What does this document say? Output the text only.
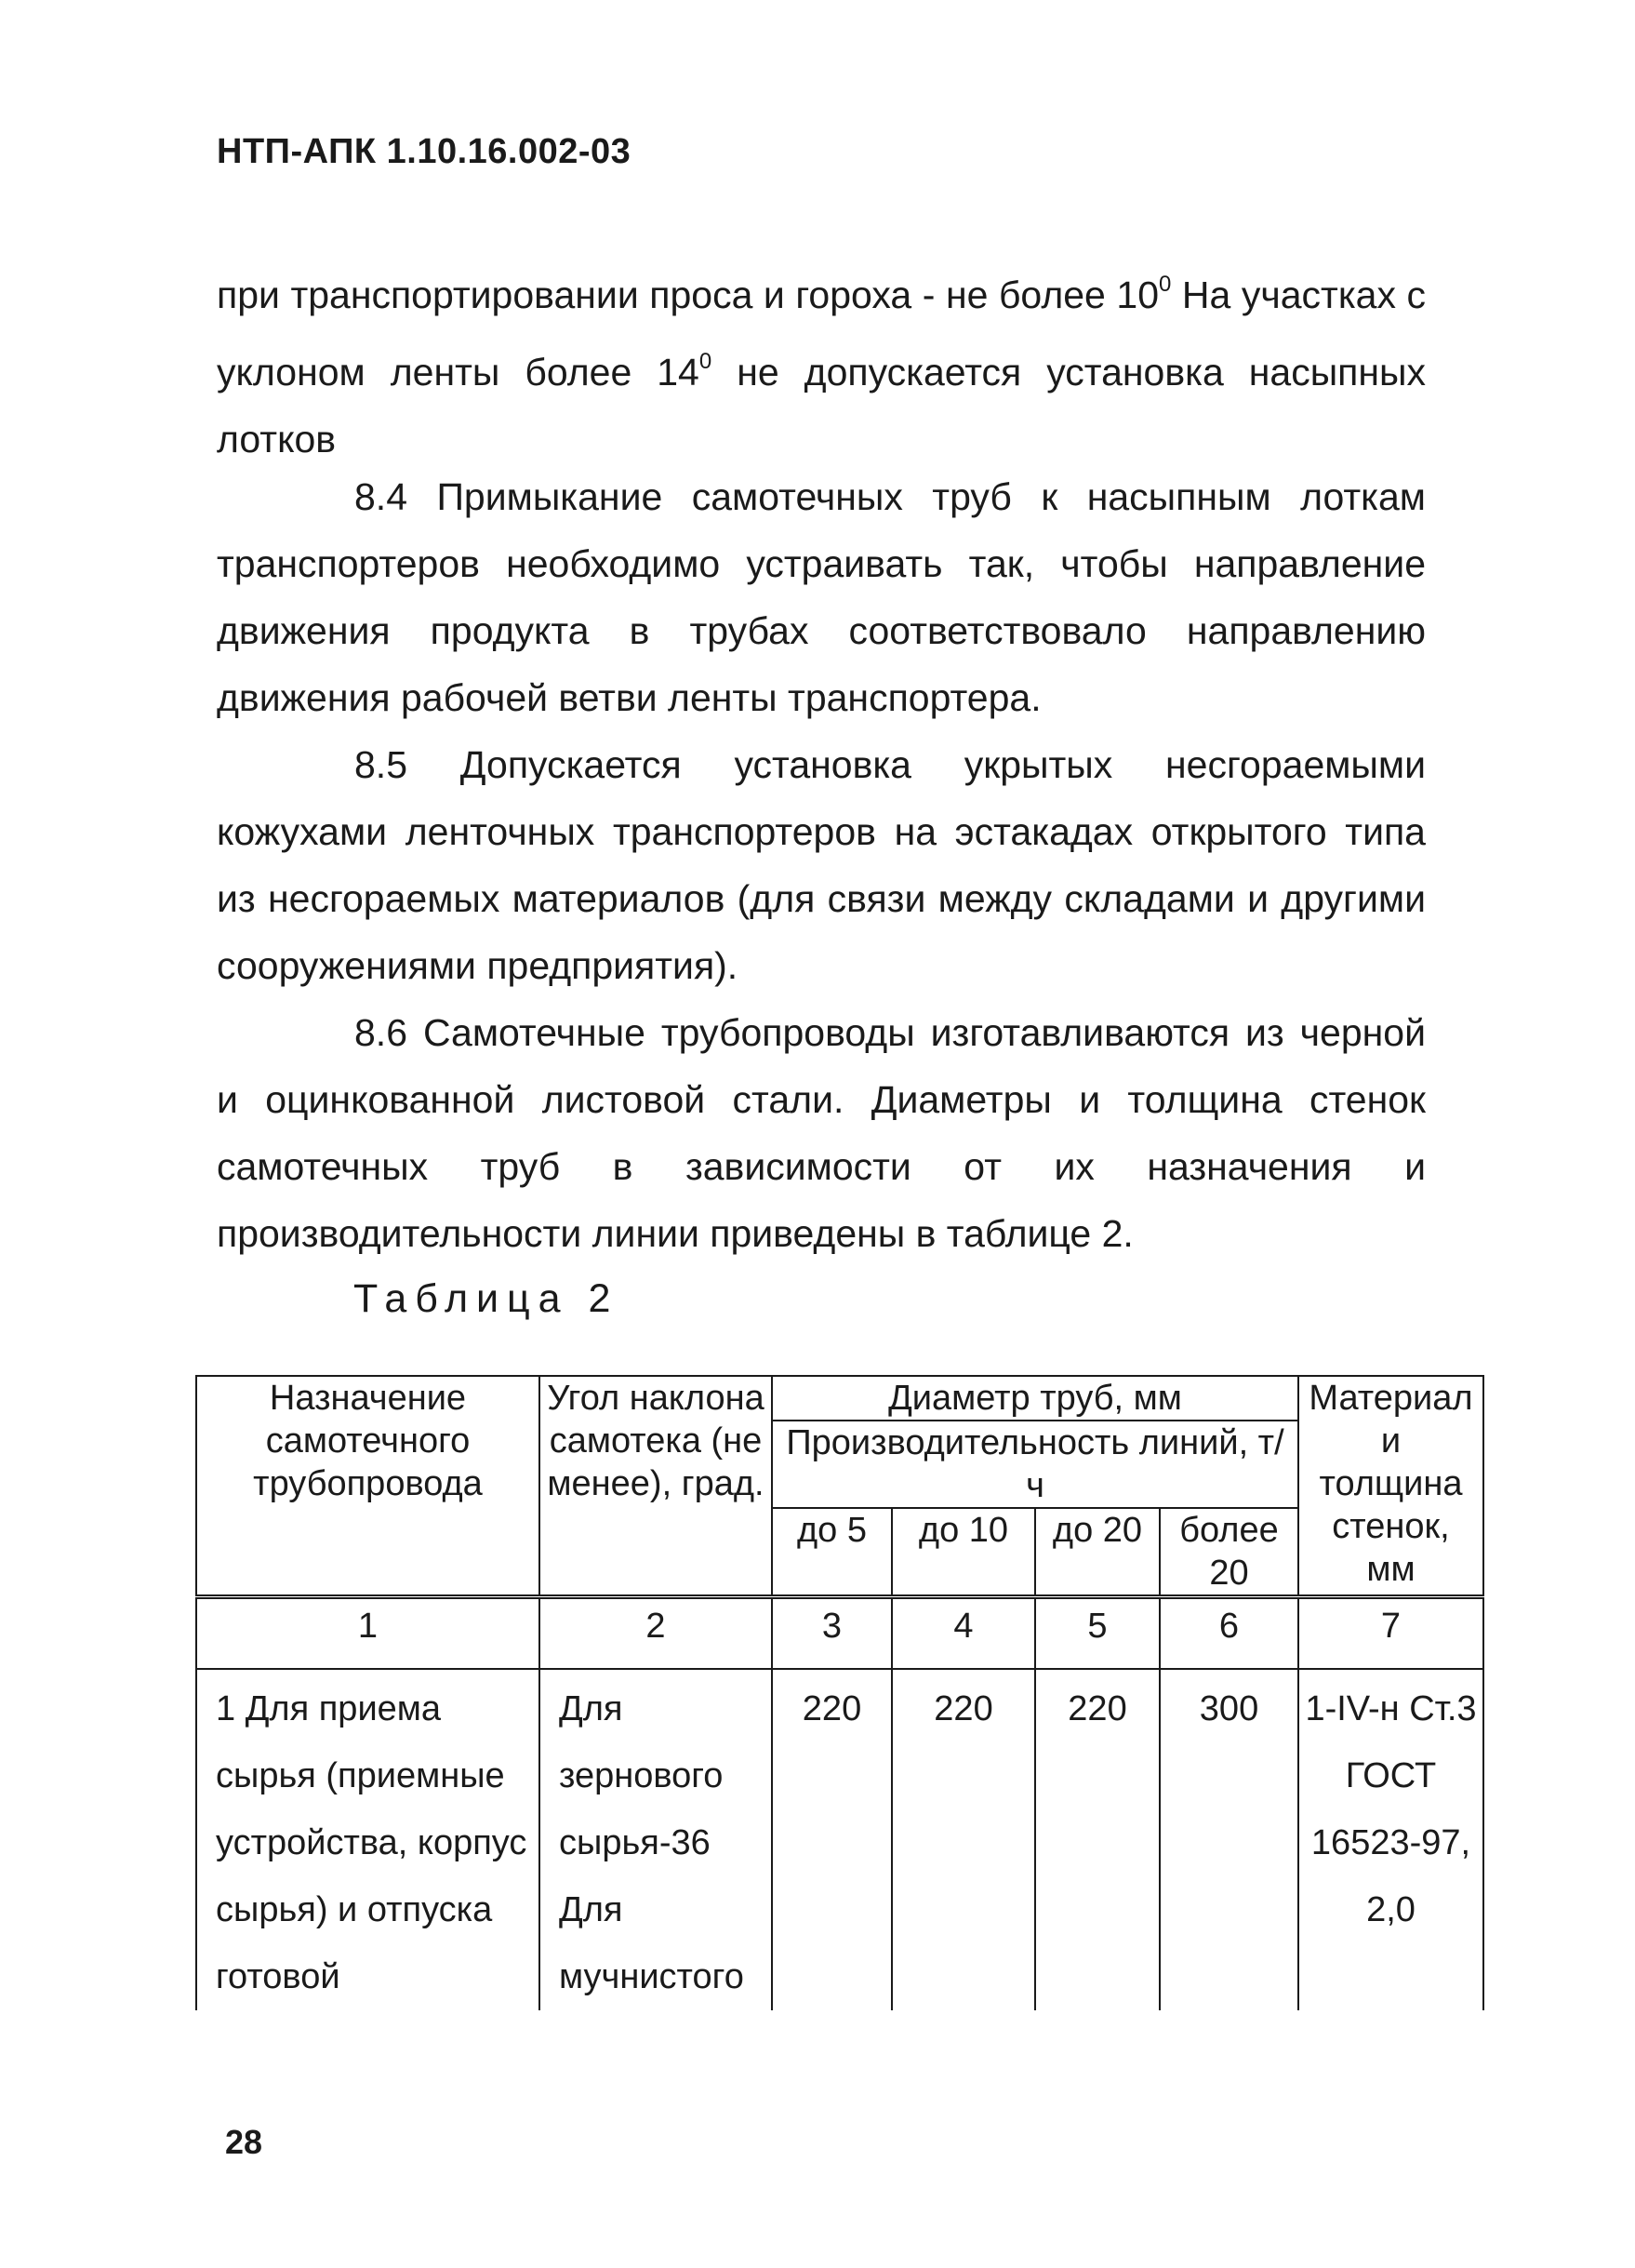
НТП-АПК 1.10.16.002-03
при транспортировании проса и гороха - не более $10^0$ На участках с уклоном ленты более $14^0$ не допускается установка насыпных лотков
8.4 Примыкание самотечных труб к насыпным лоткам транспортеров необходимо устраивать так, чтобы направление движения продукта в трубах соответствовало направлению движения рабочей ветви ленты транспортера.
8.5 Допускается установка укрытых несгораемыми кожухами ленточных транспортеров на эстакадах открытого типа из несгораемых материалов (для связи между складами и другими сооружениями предприятия).
8.6 Самотечные трубопроводы изготавливаются из черной и оцинкованной листовой стали. Диаметры и толщина стенок самотечных труб в зависимости от их назначения и производительности линии приведены в таблице 2.
Таблица 2
Назначение самотечного трубопровода	Угол наклона самотека (не менее), град.	Диаметр труб, мм				Материал и толщина стенок, мм
		Производительность линий, т/ч				
		до 5	до 10	до 20	более 20	
1	2	3	4	5	6	7
1 Для приема сырья (приемные устройства, корпус сырья) и отпуска готовой	Для зернового сырья-36 Для мучнистого	220	220	220	300	1-IV-н Ст.3 ГОСТ 16523-97, 2,0
28
